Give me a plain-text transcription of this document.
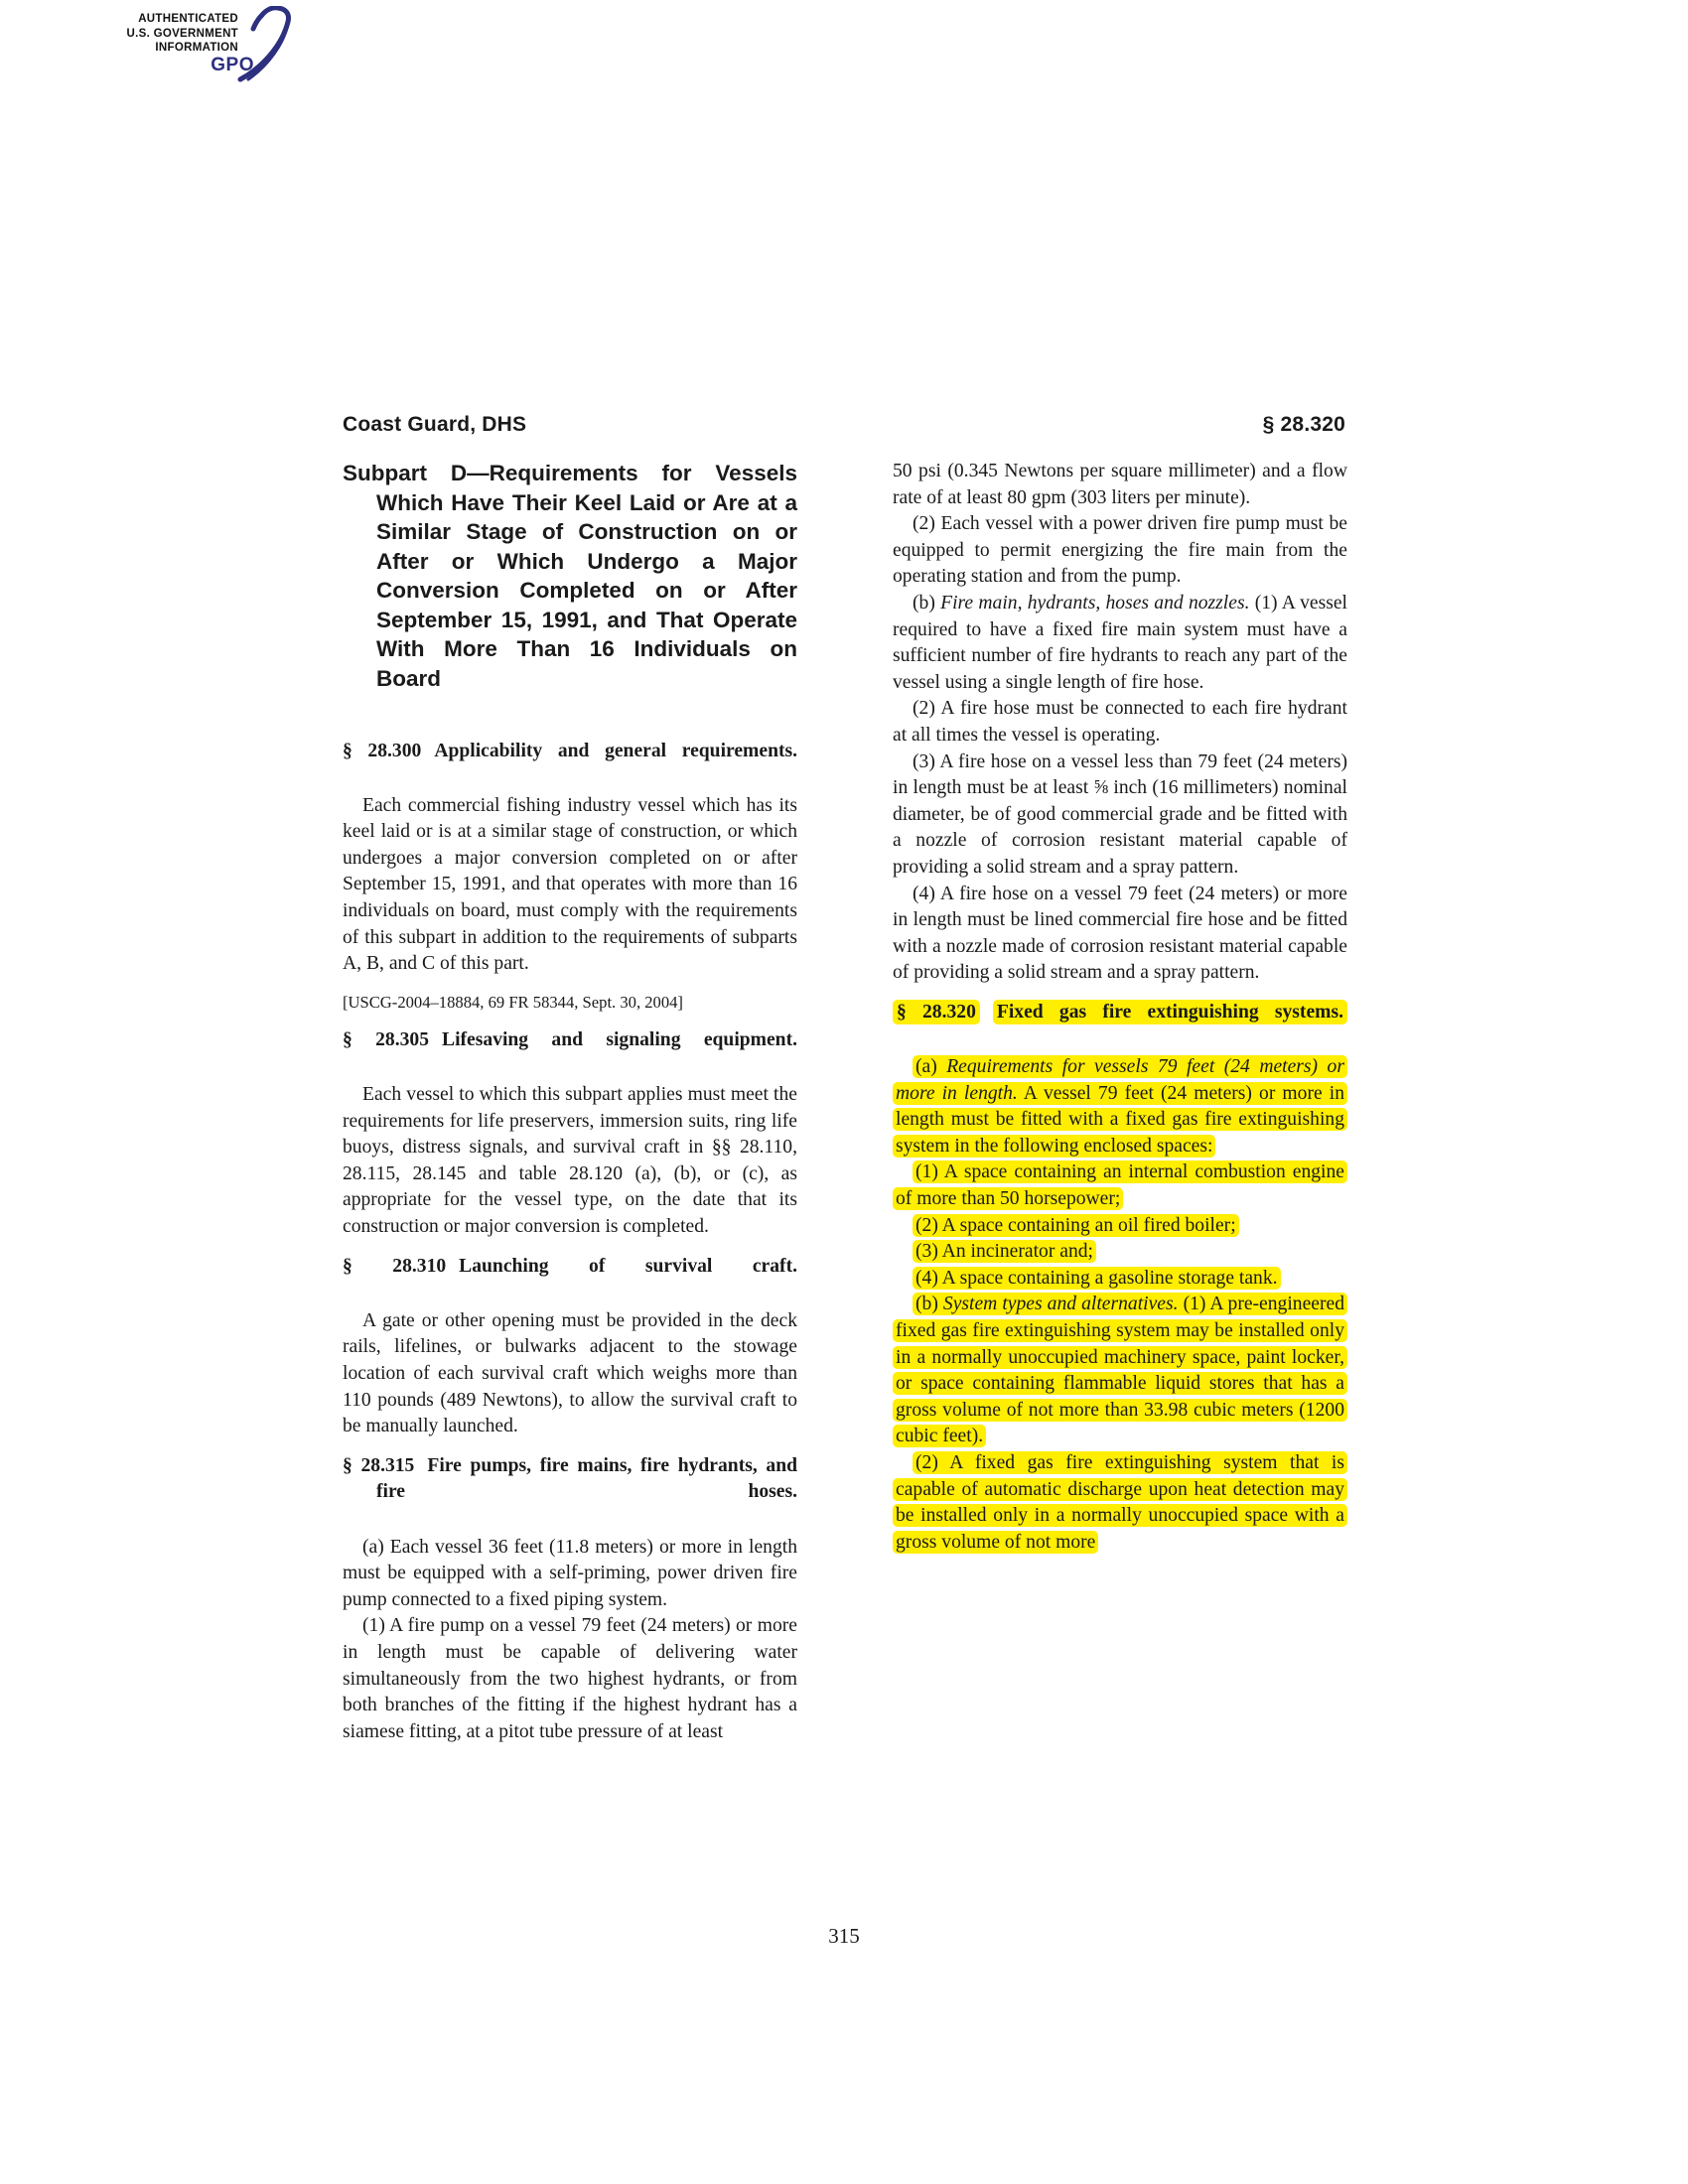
AUTHENTICATED
U.S. GOVERNMENT
INFORMATION
GPO
Coast Guard, DHS	§ 28.320
Subpart D—Requirements for Vessels Which Have Their Keel Laid or Are at a Similar Stage of Construction on or After or Which Undergo a Major Conversion Completed on or After September 15, 1991, and That Operate With More Than 16 Individuals on Board
§ 28.300 Applicability and general requirements.

Each commercial fishing industry vessel which has its keel laid or is at a similar stage of construction, or which undergoes a major conversion completed on or after September 15, 1991, and that operates with more than 16 individuals on board, must comply with the requirements of this subpart in addition to the requirements of subparts A, B, and C of this part.

[USCG-2004–18884, 69 FR 58344, Sept. 30, 2004]

§ 28.305 Lifesaving and signaling equipment.

Each vessel to which this subpart applies must meet the requirements for life preservers, immersion suits, ring life buoys, distress signals, and survival craft in §§ 28.110, 28.115, 28.145 and table 28.120 (a), (b), or (c), as appropriate for the vessel type, on the date that its construction or major conversion is completed.

§ 28.310 Launching of survival craft.

A gate or other opening must be provided in the deck rails, lifelines, or bulwarks adjacent to the stowage location of each survival craft which weighs more than 110 pounds (489 Newtons), to allow the survival craft to be manually launched.

§ 28.315 Fire pumps, fire mains, fire hydrants, and fire hoses.

(a) Each vessel 36 feet (11.8 meters) or more in length must be equipped with a self-priming, power driven fire pump connected to a fixed piping system.

(1) A fire pump on a vessel 79 feet (24 meters) or more in length must be capable of delivering water simultaneously from the two highest hydrants, or from both branches of the fitting if the highest hydrant has a siamese fitting, at a pitot tube pressure of at least

50 psi (0.345 Newtons per square millimeter) and a flow rate of at least 80 gpm (303 liters per minute).

(2) Each vessel with a power driven fire pump must be equipped to permit energizing the fire main from the operating station and from the pump.

(b) Fire main, hydrants, hoses and nozzles. (1) A vessel required to have a fixed fire main system must have a sufficient number of fire hydrants to reach any part of the vessel using a single length of fire hose.

(2) A fire hose must be connected to each fire hydrant at all times the vessel is operating.

(3) A fire hose on a vessel less than 79 feet (24 meters) in length must be at least ⅝ inch (16 millimeters) nominal diameter, be of good commercial grade and be fitted with a nozzle of corrosion resistant material capable of providing a solid stream and a spray pattern.

(4) A fire hose on a vessel 79 feet (24 meters) or more in length must be lined commercial fire hose and be fitted with a nozzle made of corrosion resistant material capable of providing a solid stream and a spray pattern.

§ 28.320 Fixed gas fire extinguishing systems.

(a) Requirements for vessels 79 feet (24 meters) or more in length. A vessel 79 feet (24 meters) or more in length must be fitted with a fixed gas fire extinguishing system in the following enclosed spaces:

(1) A space containing an internal combustion engine of more than 50 horsepower;

(2) A space containing an oil fired boiler;

(3) An incinerator and;

(4) A space containing a gasoline storage tank.

(b) System types and alternatives. (1) A pre-engineered fixed gas fire extinguishing system may be installed only in a normally unoccupied machinery space, paint locker, or space containing flammable liquid stores that has a gross volume of not more than 33.98 cubic meters (1200 cubic feet).

(2) A fixed gas fire extinguishing system that is capable of automatic discharge upon heat detection may be installed only in a normally unoccupied space with a gross volume of not more

315
